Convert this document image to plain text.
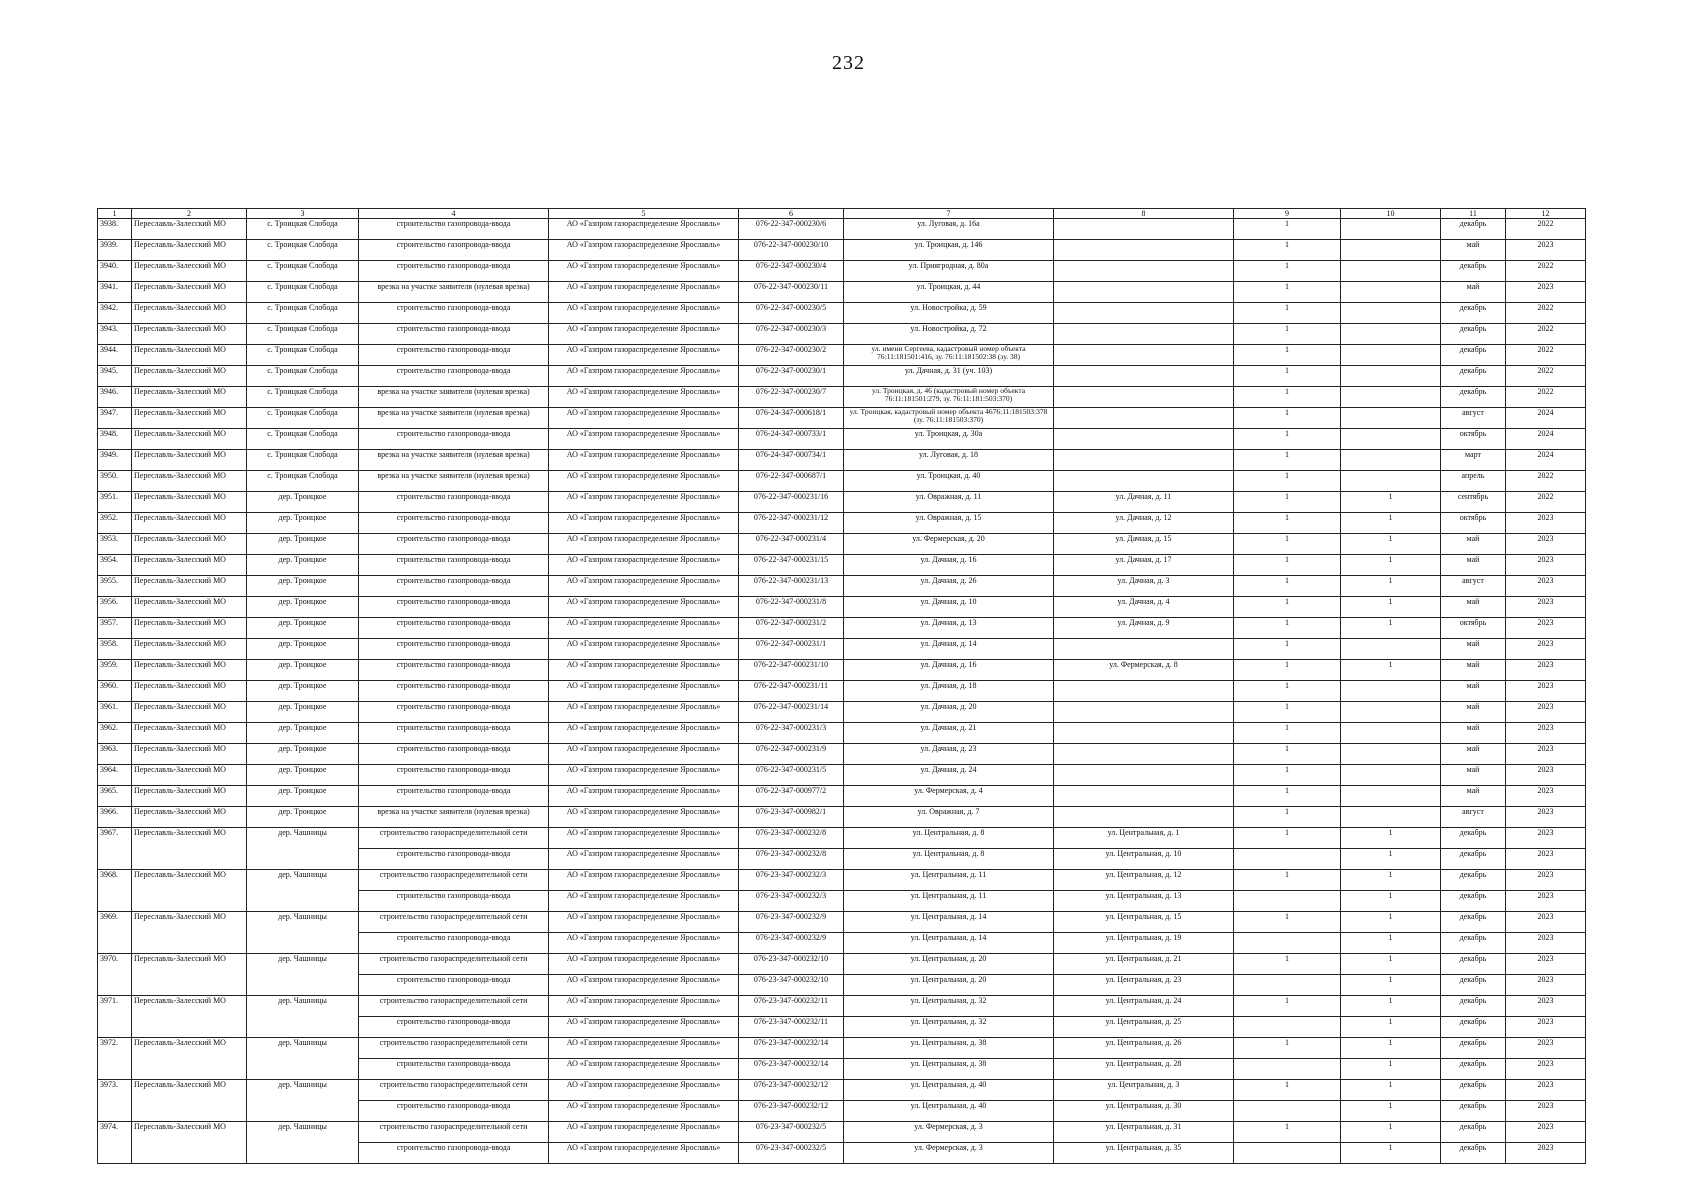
232
1	2	3	4	5	6	7	8	9	10	11	12
3938.	Переславль-Залесский МО	с. Троицкая Слобода	строительство газопровода-ввода	АО «Газпром газораспределение Ярославль»	076-22-347-000230/6	ул. Луговая, д. 16а		1		декабрь	2022
3939.	Переславль-Залесский МО	с. Троицкая Слобода	строительство газопровода-ввода	АО «Газпром газораспределение Ярославль»	076-22-347-000230/10	ул. Троицкая, д. 146		1		май	2023
3940.	Переславль-Залесский МО	с. Троицкая Слобода	строительство газопровода-ввода	АО «Газпром газораспределение Ярославль»	076-22-347-000230/4	ул. Приягродная, д. 80а		1		декабрь	2022
3941.	Переславль-Залесский МО	с. Троицкая Слобода	врезка на участке заявителя (нулевая врезка)	АО «Газпром газораспределение Ярославль»	076-22-347-000230/11	ул. Троицкая, д. 44		1		май	2023
3942.	Переславль-Залесский МО	с. Троицкая Слобода	строительство газопровода-ввода	АО «Газпром газораспределение Ярославль»	076-22-347-000230/5	ул. Новостройка, д. 59		1		декабрь	2022
3943.	Переславль-Залесский МО	с. Троицкая Слобода	строительство газопровода-ввода	АО «Газпром газораспределение Ярославль»	076-22-347-000230/3	ул. Новостройка, д. 72		1		декабрь	2022
3944.	Переславль-Залесский МО	с. Троицкая Слобода	строительство газопровода-ввода	АО «Газпром газораспределение Ярославль»	076-22-347-000230/2	ул. имени Сергеева, кадастровый номер объекта 76:11:181501:416, зу. 76:11:181502:38 (зу. 38)		1		декабрь	2022
3945.	Переславль-Залесский МО	с. Троицкая Слобода	строительство газопровода-ввода	АО «Газпром газораспределение Ярославль»	076-22-347-000230/1	ул. Дачная, д. 31 (уч. 103)		1		декабрь	2022
3946.	Переславль-Залесский МО	с. Троицкая Слобода	врезка на участке заявителя (нулевая врезка)	АО «Газпром газораспределение Ярославль»	076-22-347-000230/7	ул. Троицкая, д. 46 (кадастровый номер объекта 76:11:181501:279, зу. 76:11:181:503:370)		1		декабрь	2022
3947.	Переславль-Залесский МО	с. Троицкая Слобода	врезка на участке заявителя (нулевая врезка)	АО «Газпром газораспределение Ярославль»	076-24-347-000618/1	ул. Троицкая, кадастровый номер объекта 4676:11:181503:378 (зу. 76:11:181503:370)		1		август	2024
3948.	Переславль-Залесский МО	с. Троицкая Слобода	строительство газопровода-ввода	АО «Газпром газораспределение Ярославль»	076-24-347-000733/1	ул. Троицкая, д. 30а		1		октябрь	2024
3949.	Переславль-Залесский МО	с. Троицкая Слобода	врезка на участке заявителя (нулевая врезка)	АО «Газпром газораспределение Ярославль»	076-24-347-000734/1	ул. Луговая, д. 18		1		март	2024
3950.	Переславль-Залесский МО	с. Троицкая Слобода	врезка на участке заявителя (нулевая врезка)	АО «Газпром газораспределение Ярославль»	076-22-347-000687/1	ул. Троицкая, д. 40		1		апрель	2022
3951.	Переславль-Залесский МО	дер. Троицкое	строительство газопровода-ввода	АО «Газпром газораспределение Ярославль»	076-22-347-000231/16	ул. Овражная, д. 11	ул. Дачная, д. 11	1	1	сентябрь	2022
3952.	Переславль-Залесский МО	дер. Троицкое	строительство газопровода-ввода	АО «Газпром газораспределение Ярославль»	076-22-347-000231/12	ул. Овражная, д. 15	ул. Дачная, д. 12	1	1	октябрь	2023
3953.	Переславль-Залесский МО	дер. Троицкое	строительство газопровода-ввода	АО «Газпром газораспределение Ярославль»	076-22-347-000231/4	ул. Фермерская, д. 20	ул. Дачная, д. 15	1	1	май	2023
3954.	Переславль-Залесский МО	дер. Троицкое	строительство газопровода-ввода	АО «Газпром газораспределение Ярославль»	076-22-347-000231/15	ул. Дачная, д. 16	ул. Дачная, д. 17	1	1	май	2023
3955.	Переславль-Залесский МО	дер. Троицкое	строительство газопровода-ввода	АО «Газпром газораспределение Ярославль»	076-22-347-000231/13	ул. Дачная, д. 26	ул. Дачная, д. 3	1	1	август	2023
3956.	Переславль-Залесский МО	дер. Троицкое	строительство газопровода-ввода	АО «Газпром газораспределение Ярославль»	076-22-347-000231/8	ул. Дачная, д. 10	ул. Дачная, д. 4	1	1	май	2023
3957.	Переславль-Залесский МО	дер. Троицкое	строительство газопровода-ввода	АО «Газпром газораспределение Ярославль»	076-22-347-000231/2	ул. Дачная, д. 13	ул. Дачная, д. 9	1	1	октябрь	2023
3958.	Переславль-Залесский МО	дер. Троицкое	строительство газопровода-ввода	АО «Газпром газораспределение Ярославль»	076-22-347-000231/1	ул. Дачная, д. 14		1		май	2023
3959.	Переславль-Залесский МО	дер. Троицкое	строительство газопровода-ввода	АО «Газпром газораспределение Ярославль»	076-22-347-000231/10	ул. Дачная, д. 16	ул. Фермерская, д. 8	1	1	май	2023
3960.	Переславль-Залесский МО	дер. Троицкое	строительство газопровода-ввода	АО «Газпром газораспределение Ярославль»	076-22-347-000231/11	ул. Дачная, д. 18		1		май	2023
3961.	Переславль-Залесский МО	дер. Троицкое	строительство газопровода-ввода	АО «Газпром газораспределение Ярославль»	076-22-347-000231/14	ул. Дачная, д. 20		1		май	2023
3962.	Переславль-Залесский МО	дер. Троицкое	строительство газопровода-ввода	АО «Газпром газораспределение Ярославль»	076-22-347-000231/3	ул. Дачная, д. 21		1		май	2023
3963.	Переславль-Залесский МО	дер. Троицкое	строительство газопровода-ввода	АО «Газпром газораспределение Ярославль»	076-22-347-000231/9	ул. Дачная, д. 23		1		май	2023
3964.	Переславль-Залесский МО	дер. Троицкое	строительство газопровода-ввода	АО «Газпром газораспределение Ярославль»	076-22-347-000231/5	ул. Дачная, д. 24		1		май	2023
3965.	Переславль-Залесский МО	дер. Троицкое	строительство газопровода-ввода	АО «Газпром газораспределение Ярославль»	076-22-347-000977/2	ул. Фермерская, д. 4		1		май	2023
3966.	Переславль-Залесский МО	дер. Троицкое	врезка на участке заявителя (нулевая врезка)	АО «Газпром газораспределение Ярославль»	076-23-347-000982/1	ул. Овражная, д. 7		1		август	2023
3967.	Переславль-Залесский МО	дер. Чашницы	строительство газораспределительной сети	АО «Газпром газораспределение Ярославль»	076-23-347-000232/8	ул. Центральная, д. 8	ул. Центральная, д. 1	1	1	декабрь	2023
			строительство газопровода-ввода	АО «Газпром газораспределение Ярославль»	076-23-347-000232/8	ул. Центральная, д. 8	ул. Центральная, д. 10		1	декабрь	2023
3968.	Переславль-Залесский МО	дер. Чашницы	строительство газораспределительной сети	АО «Газпром газораспределение Ярославль»	076-23-347-000232/3	ул. Центральная, д. 11	ул. Центральная, д. 12	1	1	декабрь	2023
			строительство газопровода-ввода	АО «Газпром газораспределение Ярославль»	076-23-347-000232/3	ул. Центральная, д. 11	ул. Центральная, д. 13		1	декабрь	2023
3969.	Переславль-Залесский МО	дер. Чашницы	строительство газораспределительной сети	АО «Газпром газораспределение Ярославль»	076-23-347-000232/9	ул. Центральная, д. 14	ул. Центральная, д. 15	1	1	декабрь	2023
			строительство газопровода-ввода	АО «Газпром газораспределение Ярославль»	076-23-347-000232/9	ул. Центральная, д. 14	ул. Центральная, д. 19		1	декабрь	2023
3970.	Переславль-Залесский МО	дер. Чашницы	строительство газораспределительной сети	АО «Газпром газораспределение Ярославль»	076-23-347-000232/10	ул. Центральная, д. 20	ул. Центральная, д. 21	1	1	декабрь	2023
			строительство газопровода-ввода	АО «Газпром газораспределение Ярославль»	076-23-347-000232/10	ул. Центральная, д. 20	ул. Центральная, д. 23		1	декабрь	2023
3971.	Переславль-Залесский МО	дер. Чашницы	строительство газораспределительной сети	АО «Газпром газораспределение Ярославль»	076-23-347-000232/11	ул. Центральная, д. 32	ул. Центральная, д. 24	1	1	декабрь	2023
			строительство газопровода-ввода	АО «Газпром газораспределение Ярославль»	076-23-347-000232/11	ул. Центральная, д. 32	ул. Центральная, д. 25		1	декабрь	2023
3972.	Переславль-Залесский МО	дер. Чашницы	строительство газораспределительной сети	АО «Газпром газораспределение Ярославль»	076-23-347-000232/14	ул. Центральная, д. 38	ул. Центральная, д. 26	1	1	декабрь	2023
			строительство газопровода-ввода	АО «Газпром газораспределение Ярославль»	076-23-347-000232/14	ул. Центральная, д. 38	ул. Центральная, д. 28		1	декабрь	2023
3973.	Переславль-Залесский МО	дер. Чашницы	строительство газораспределительной сети	АО «Газпром газораспределение Ярославль»	076-23-347-000232/12	ул. Центральная, д. 40	ул. Центральная, д. 3	1	1	декабрь	2023
			строительство газопровода-ввода	АО «Газпром газораспределение Ярославль»	076-23-347-000232/12	ул. Центральная, д. 40	ул. Центральная, д. 30		1	декабрь	2023
3974.	Переславль-Залесский МО	дер. Чашницы	строительство газораспределительной сети	АО «Газпром газораспределение Ярославль»	076-23-347-000232/5	ул. Фермерская, д. 3	ул. Центральная, д. 31	1	1	декабрь	2023
			строительство газопровода-ввода	АО «Газпром газораспределение Ярославль»	076-23-347-000232/5	ул. Фермерская, д. 3	ул. Центральная, д. 35		1	декабрь	2023
